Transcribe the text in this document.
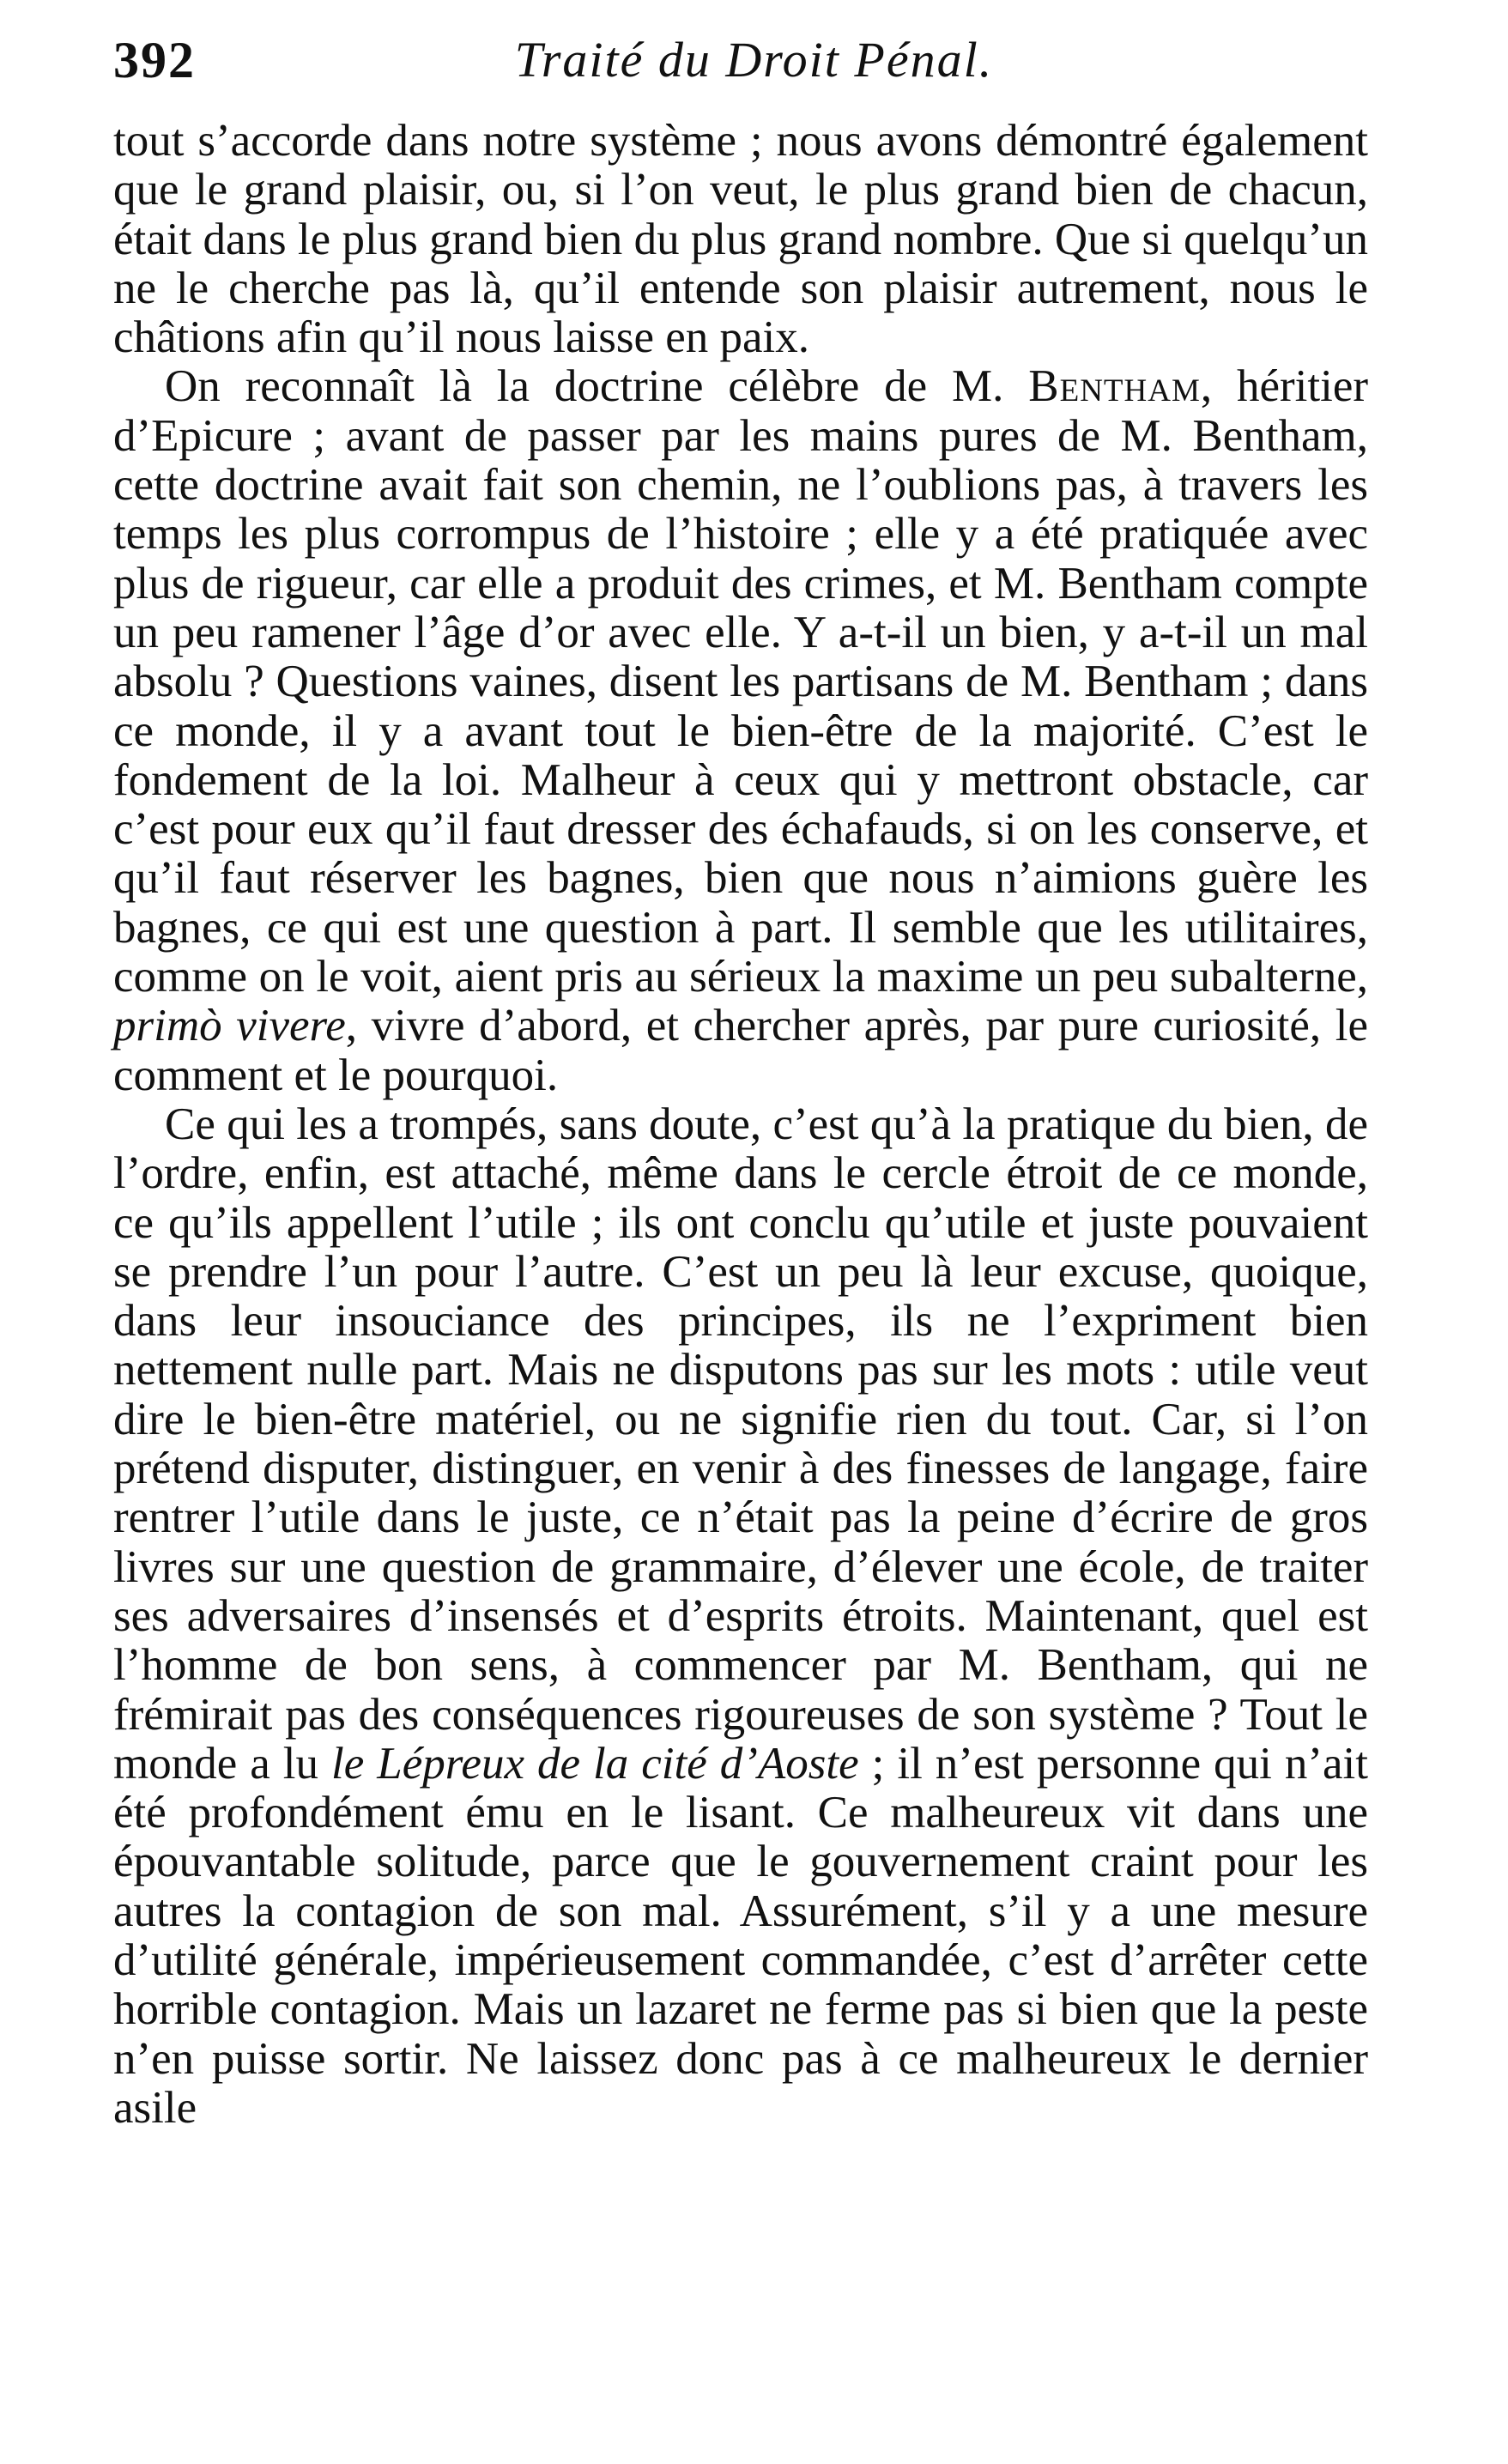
392	Traité du Droit Pénal.

tout s’accorde dans notre système ; nous avons démontré également que le grand plaisir, ou, si l’on veut, le plus grand bien de chacun, était dans le plus grand bien du plus grand nombre. Que si quelqu’un ne le cherche pas là, qu’il entende son plaisir autrement, nous le châtions afin qu’il nous laisse en paix.

On reconnaît là la doctrine célèbre de M. Bentham, héritier d’Epicure ; avant de passer par les mains pures de M. Bentham, cette doctrine avait fait son chemin, ne l’oublions pas, à travers les temps les plus corrompus de l’histoire ; elle y a été pratiquée avec plus de rigueur, car elle a produit des crimes, et M. Bentham compte un peu ramener l’âge d’or avec elle. Y a-t-il un bien, y a-t-il un mal absolu ? Questions vaines, disent les partisans de M. Bentham ; dans ce monde, il y a avant tout le bien-être de la majorité. C’est le fondement de la loi. Malheur à ceux qui y mettront obstacle, car c’est pour eux qu’il faut dresser des échafauds, si on les conserve, et qu’il faut réserver les bagnes, bien que nous n’aimions guère les bagnes, ce qui est une question à part. Il semble que les utilitaires, comme on le voit, aient pris au sérieux la maxime un peu subalterne, primò vivere, vivre d’abord, et chercher après, par pure curiosité, le comment et le pourquoi.

Ce qui les a trompés, sans doute, c’est qu’à la pratique du bien, de l’ordre, enfin, est attaché, même dans le cercle étroit de ce monde, ce qu’ils appellent l’utile ; ils ont conclu qu’utile et juste pouvaient se prendre l’un pour l’autre. C’est un peu là leur excuse, quoique, dans leur insouciance des principes, ils ne l’expriment bien nettement nulle part. Mais ne disputons pas sur les mots : utile veut dire le bien-être matériel, ou ne signifie rien du tout. Car, si l’on prétend disputer, distinguer, en venir à des finesses de langage, faire rentrer l’utile dans le juste, ce n’était pas la peine d’écrire de gros livres sur une question de grammaire, d’élever une école, de traiter ses adversaires d’insensés et d’esprits étroits. Maintenant, quel est l’homme de bon sens, à commencer par M. Bentham, qui ne frémirait pas des conséquences rigoureuses de son système ? Tout le monde a lu le Lépreux de la cité d’Aoste ; il n’est personne qui n’ait été profondément ému en le lisant. Ce malheureux vit dans une épouvantable solitude, parce que le gouvernement craint pour les autres la contagion de son mal. Assurément, s’il y a une mesure d’utilité générale, impérieusement commandée, c’est d’arrêter cette horrible contagion. Mais un lazaret ne ferme pas si bien que la peste n’en puisse sortir. Ne laissez donc pas à ce malheureux le dernier asile
